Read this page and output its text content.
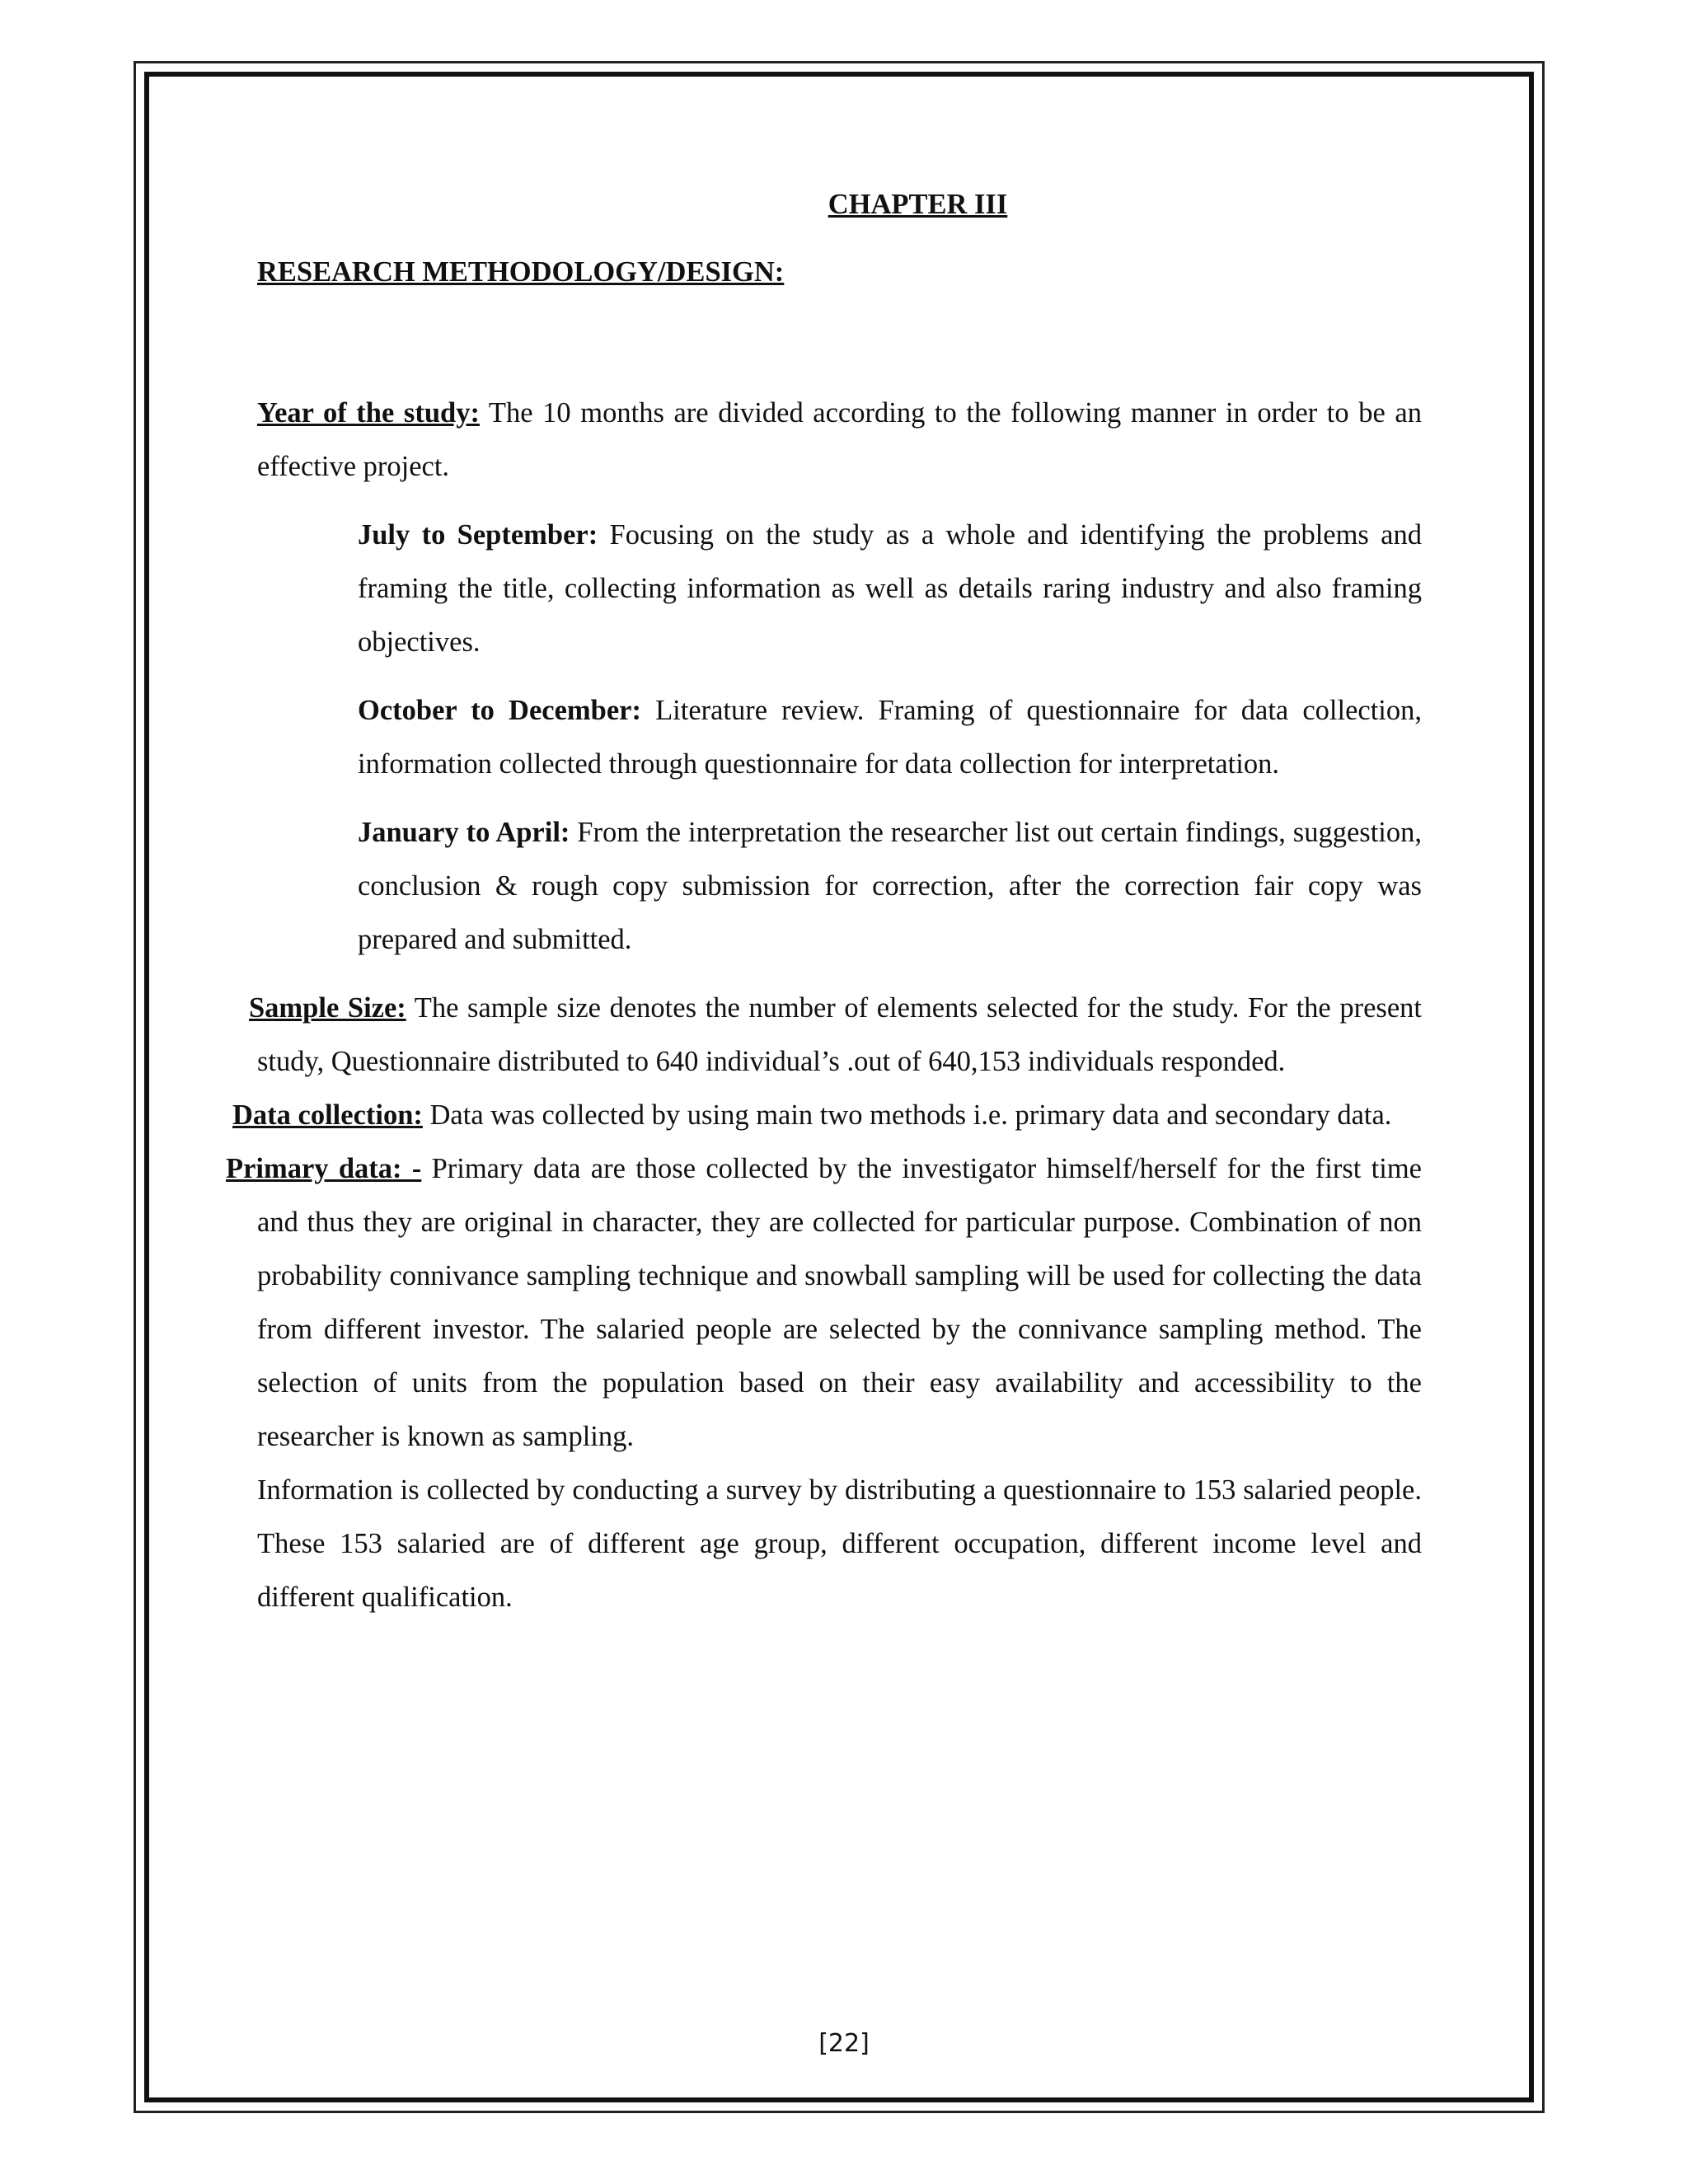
CHAPTER III
RESEARCH METHODOLOGY/DESIGN:

Year of the study: The 10 months are divided according to the following manner in order to be an effective project.

July to September: Focusing on the study as a whole and identifying the problems and framing the title, collecting information as well as details raring industry and also framing objectives.

October to December: Literature review. Framing of questionnaire for data collection, information collected through questionnaire for data collection for interpretation.

January to April: From the interpretation the researcher list out certain findings, suggestion, conclusion & rough copy submission for correction, after the correction fair copy was prepared and submitted.

Sample Size: The sample size denotes the number of elements selected for the study. For the present study, Questionnaire distributed to 640 individual’s .out of 640,153 individuals responded.

Data collection: Data was collected by using main two methods i.e. primary data and secondary data.

Primary data: - Primary data are those collected by the investigator himself/herself for the first time and thus they are original in character, they are collected for particular purpose. Combination of non probability connivance sampling technique and snowball sampling will be used for collecting the data from different investor. The salaried people are selected by the connivance sampling method. The selection of units from the population based on their easy availability and accessibility to the researcher is known as sampling.

Information is collected by conducting a survey by distributing a questionnaire to 153 salaried people. These 153 salaried are of different age group, different occupation, different income level and different qualification.

[22]
